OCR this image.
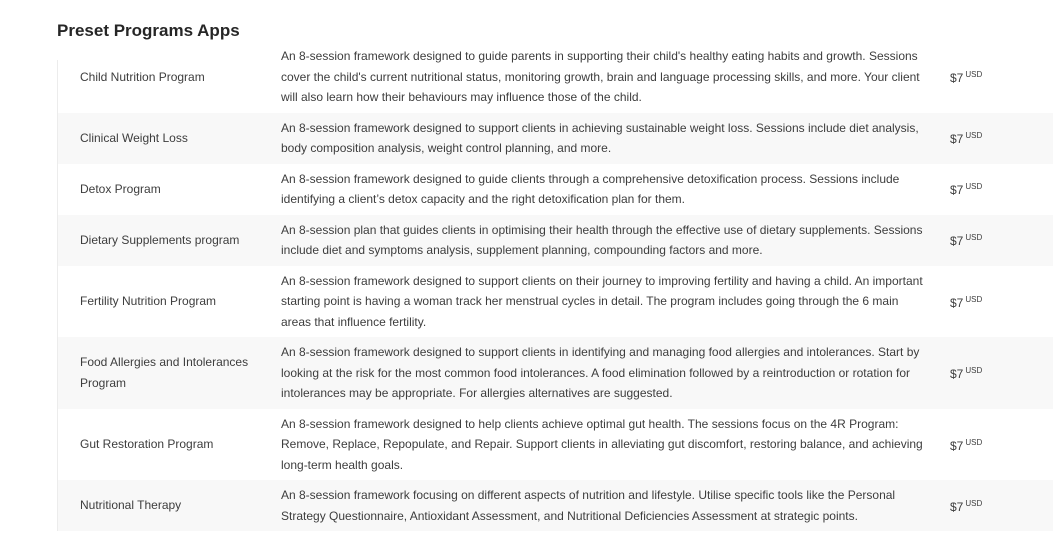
Preset Programs Apps
Child Nutrition Program
An 8-session framework designed to guide parents in supporting their child's healthy eating habits and growth. Sessions cover the child's current nutritional status, monitoring growth, brain and language processing skills, and more. Your client will also learn how their behaviours may influence those of the child.
$7 $^{USD}$
Clinical Weight Loss
An 8-session framework designed to support clients in achieving sustainable weight loss. Sessions include diet analysis, body composition analysis, weight control planning, and more.
$7 $^{USD}$
Detox Program
An 8-session framework designed to guide clients through a comprehensive detoxification process. Sessions include identifying a client’s detox capacity and the right detoxification plan for them.
$7 $^{USD}$
Dietary Supplements program
An 8-session plan that guides clients in optimising their health through the effective use of dietary supplements. Sessions include diet and symptoms analysis, supplement planning, compounding factors and more.
$7 $^{USD}$
Fertility Nutrition Program
An 8-session framework designed to support clients on their journey to improving fertility and having a child. An important starting point is having a woman track her menstrual cycles in detail. The program includes going through the 6 main areas that influence fertility.
$7 $^{USD}$
Food Allergies and Intolerances Program
An 8-session framework designed to support clients in identifying and managing food allergies and intolerances. Start by looking at the risk for the most common food intolerances. A food elimination followed by a reintroduction or rotation for intolerances may be appropriate. For allergies alternatives are suggested.
$7 $^{USD}$
Gut Restoration Program
An 8-session framework designed to help clients achieve optimal gut health. The sessions focus on the 4R Program: Remove, Replace, Repopulate, and Repair. Support clients in alleviating gut discomfort, restoring balance, and achieving long-term health goals.
$7 $^{USD}$
Nutritional Therapy
An 8-session framework focusing on different aspects of nutrition and lifestyle. Utilise specific tools like the Personal Strategy Questionnaire, Antioxidant Assessment, and Nutritional Deficiencies Assessment at strategic points.
$7 $^{USD}$
